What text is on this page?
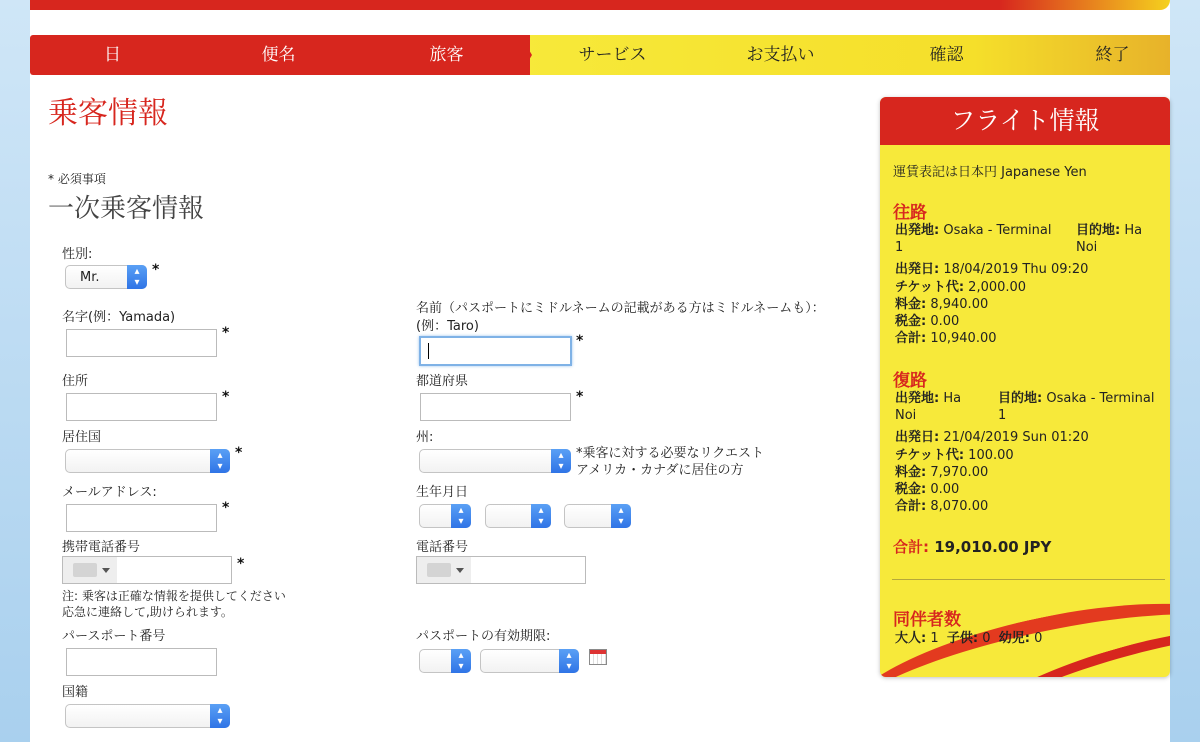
日	便名	旅客	サービス	お支払い	確認	終了
乗客情報
* 必須事項
一次乗客情報
性別:
Mr.	▴
▾
*
名字(例：Yamada)
*
名前（パスポートにミドルネームの記載がある方はミドルネームも）：
(例：Taro)
*
住所
*
都道府県
*
居住国
▴
▾
*
州:
▴
▾
*乗客に対する必要なリクエスト
アメリカ・カナダに居住の方
メールアドレス:
*
生年月日
▴
▾
▴
▾
▴
▾
携帯電話番号
*
電話番号
注: 乗客は正確な情報を提供してください
応急に連絡して,助けられます。
パースポート番号	パスポートの有効期限:
▴
▾
▴
▾
国籍
▴
▾
フライト情報
運賃表記は日本円 Japanese Yen
往路
出発地: Osaka - Terminal
1
目的地: Ha
Noi
出発日: 18/04/2019 Thu 09:20
チケット代: 2,000.00
料金: 8,940.00
税金: 0.00
合計: 10,940.00
復路
出発地: Ha
Noi
目的地: Osaka - Terminal
1
出発日: 21/04/2019 Sun 01:20
チケット代: 100.00
料金: 7,970.00
税金: 0.00
合計: 8,070.00
合計: 19,010.00 JPY
同伴者数
大人: 1 子供: 0 幼児: 0
